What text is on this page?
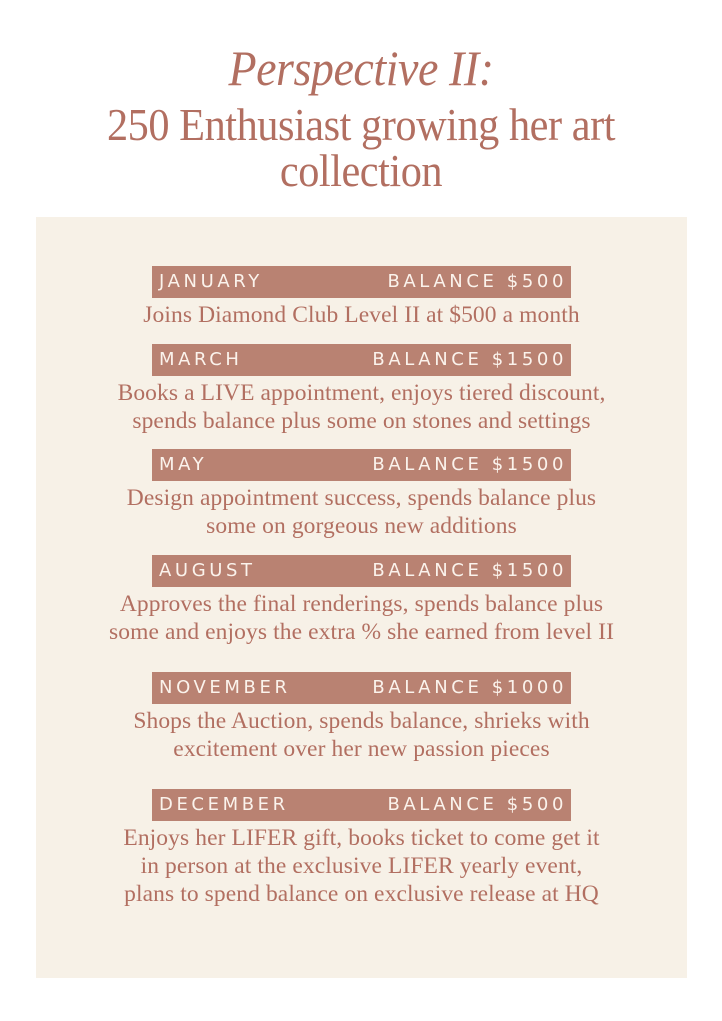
Perspective II:
250 Enthusiast growing her art
collection
JANUARY	BALANCE $500
Joins Diamond Club Level II at $500 a month
MARCH	BALANCE $1500
Books a LIVE appointment, enjoys tiered discount,
spends balance plus some on stones and settings
MAY	BALANCE $1500
Design appointment success, spends balance plus
some on gorgeous new additions
AUGUST	BALANCE $1500
Approves the final renderings, spends balance plus
some and enjoys the extra % she earned from level II
NOVEMBER	BALANCE $1000
Shops the Auction, spends balance, shrieks with
excitement over her new passion pieces
DECEMBER	BALANCE $500
Enjoys her LIFER gift, books ticket to come get it
in person at the exclusive LIFER yearly event,
plans to spend balance on exclusive release at HQ
